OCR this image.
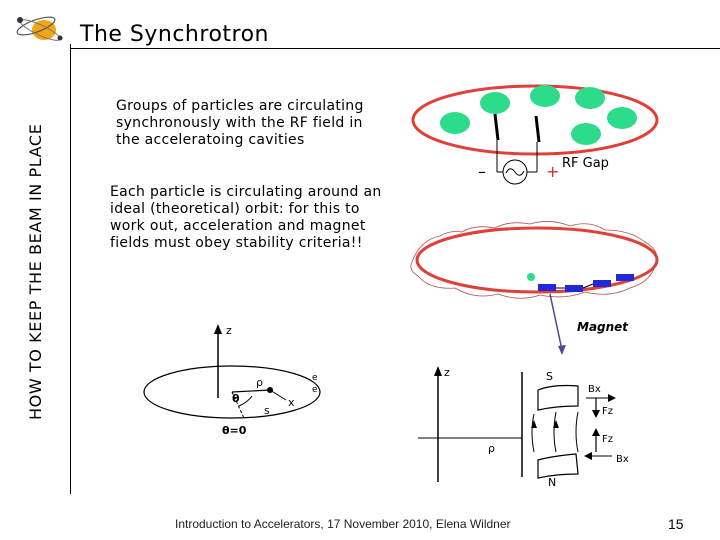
The Synchrotron
HOW TO KEEP THE BEAM IN PLACE
Groups of particles are circulating synchronously with the RF field in the acceleratoing cavities
Each particle is circulating around an ideal (theoretical) orbit: for this to work out, acceleration and magnet fields must obey stability criteria!!
–	+ RF Gap
Magnet
z
θ
ρ
x
s
e
e
θ=0
z
ρ
S
N
Bx
Fz
Fz
Bx
Introduction to Accelerators, 17 November 2010, Elena Wildner	15
